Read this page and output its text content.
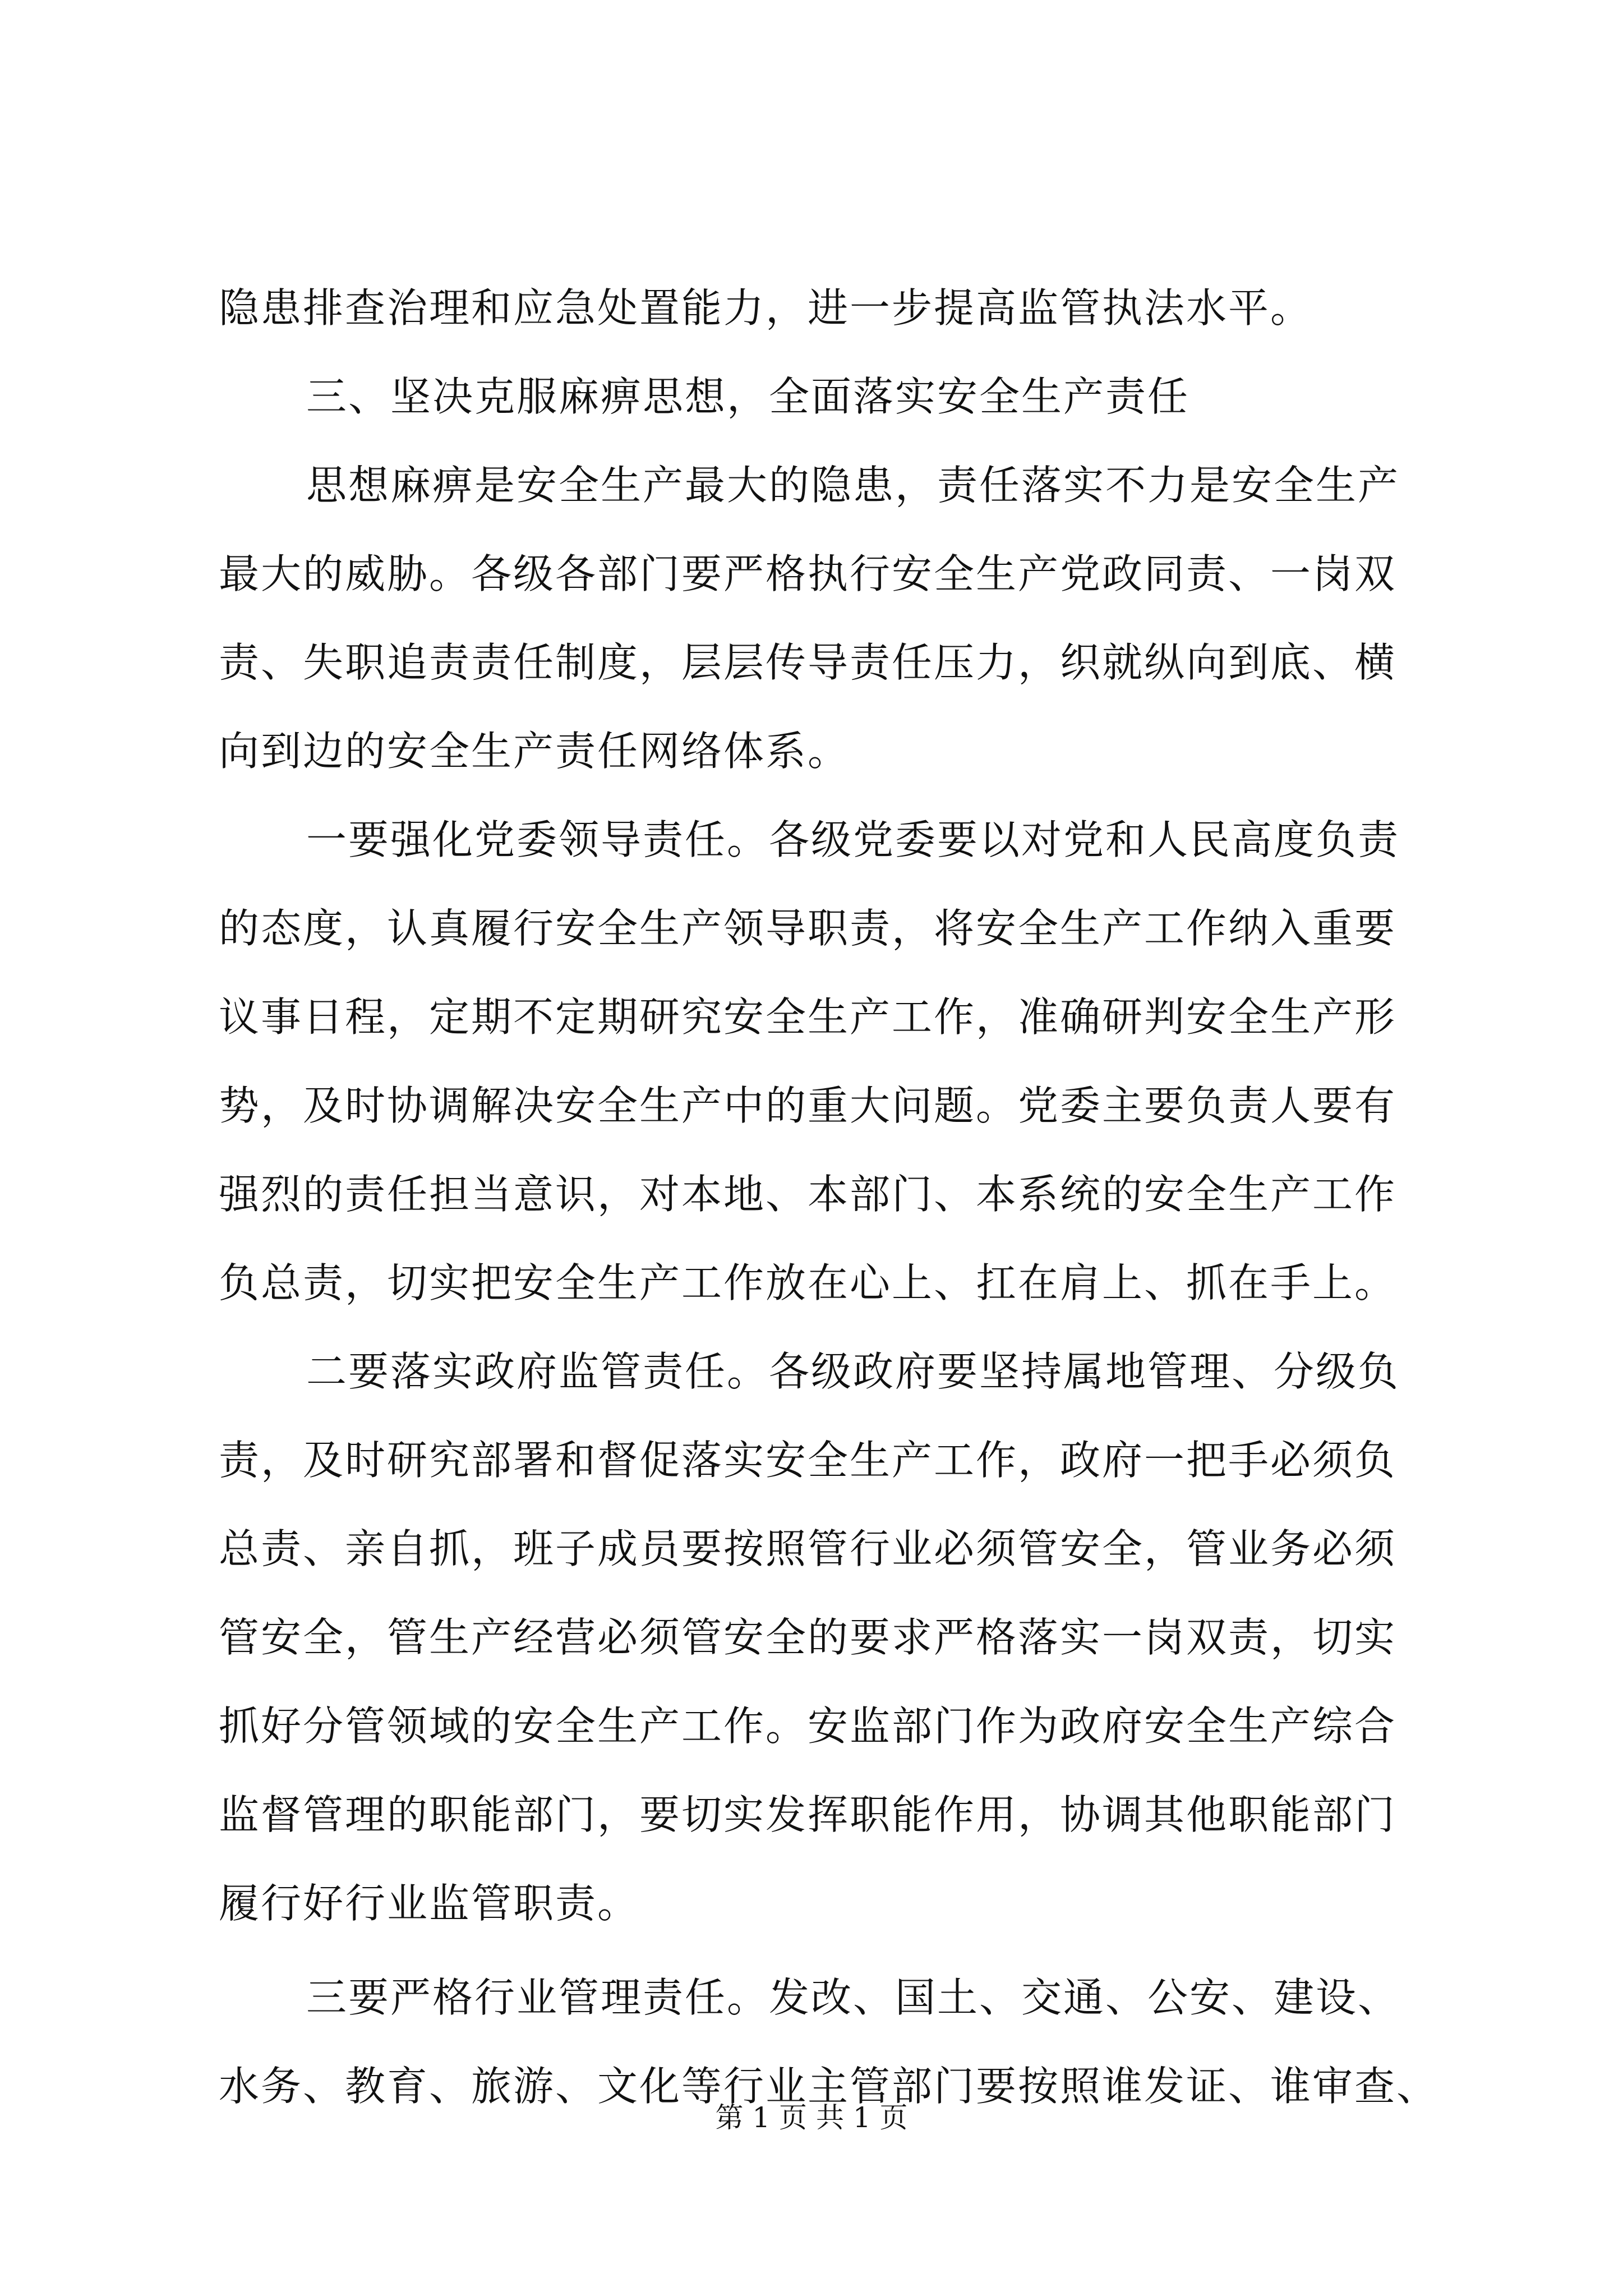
隐患排查治理和应急处置能力，进一步提高监管执法水平。
三、坚决克服麻痹思想，全面落实安全生产责任
思想麻痹是安全生产最大的隐患，责任落实不力是安全生产
最大的威胁。各级各部门要严格执行安全生产党政同责、一岗双
责、失职追责责任制度，层层传导责任压力，织就纵向到底、横
向到边的安全生产责任网络体系。
一要强化党委领导责任。各级党委要以对党和人民高度负责
的态度，认真履行安全生产领导职责，将安全生产工作纳入重要
议事日程，定期不定期研究安全生产工作，准确研判安全生产形
势，及时协调解决安全生产中的重大问题。党委主要负责人要有
强烈的责任担当意识，对本地、本部门、本系统的安全生产工作
负总责，切实把安全生产工作放在心上、扛在肩上、抓在手上。
二要落实政府监管责任。各级政府要坚持属地管理、分级负
责，及时研究部署和督促落实安全生产工作，政府一把手必须负
总责、亲自抓，班子成员要按照管行业必须管安全，管业务必须
管安全，管生产经营必须管安全的要求严格落实一岗双责，切实
抓好分管领域的安全生产工作。安监部门作为政府安全生产综合
监督管理的职能部门，要切实发挥职能作用，协调其他职能部门
履行好行业监管职责。
三要严格行业管理责任。发改、国土、交通、公安、建设、
水务、教育、旅游、文化等行业主管部门要按照谁发证、谁审查、
第 1 页 共 1 页
